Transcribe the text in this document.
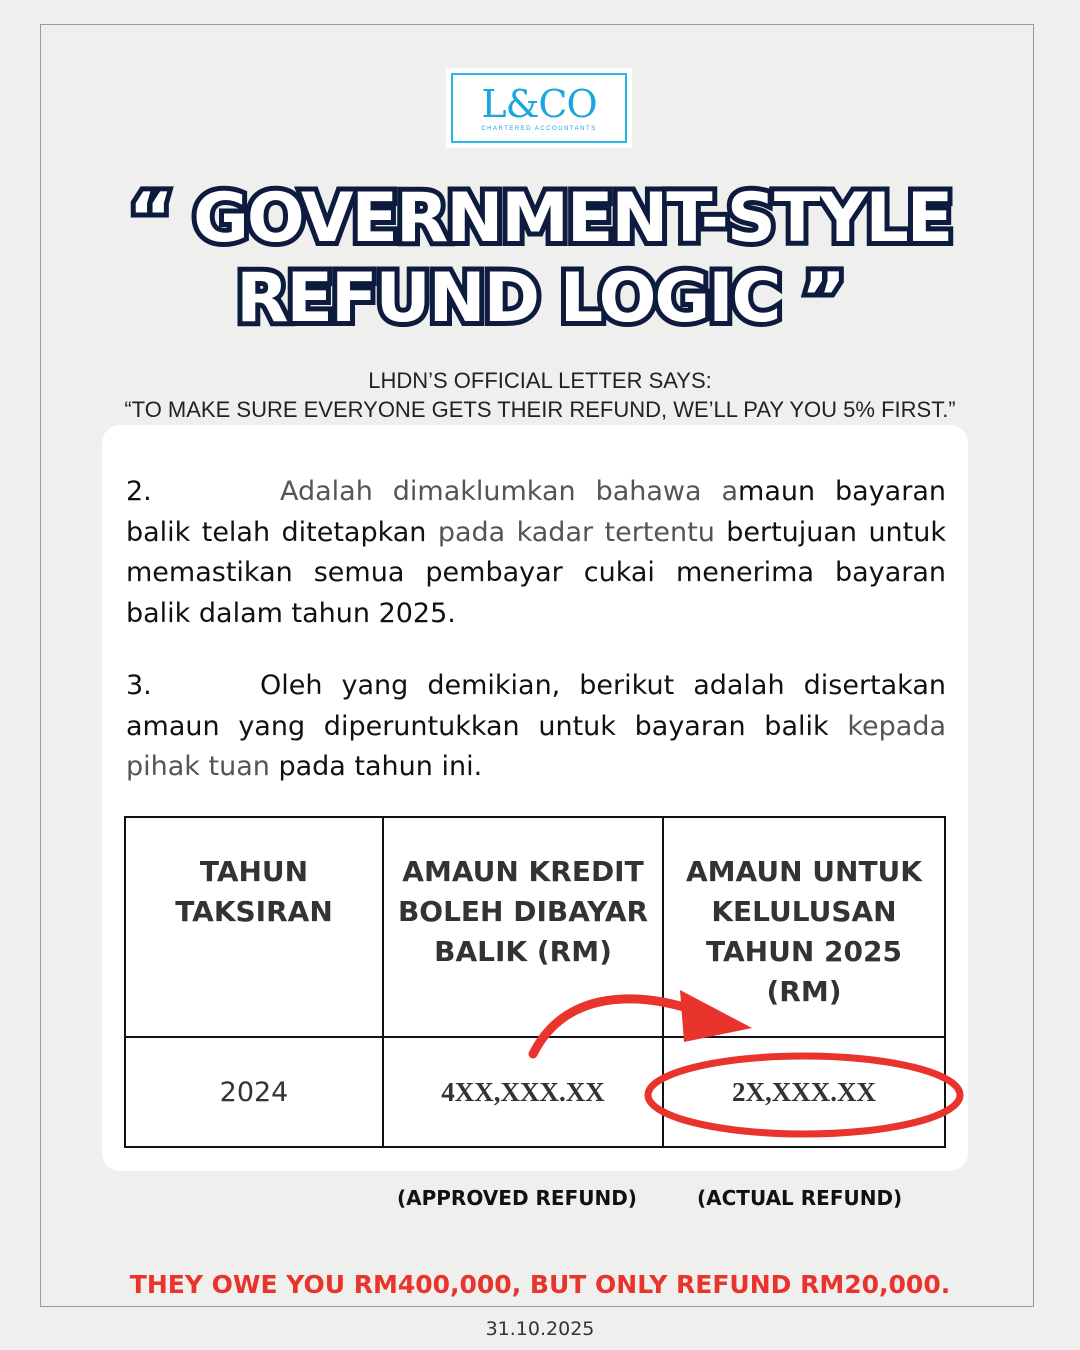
L&CO
CHARTERED ACCOUNTANTS
“ GOVERNMENT-STYLE
REFUND LOGIC ”
LHDN’S OFFICIAL LETTER SAYS:
“TO MAKE SURE EVERYONE GETS THEIR REFUND, WE’LL PAY YOU 5% FIRST.”
2.	Adalah dimaklumkan bahawa amaun bayaran balik telah ditetapkan pada kadar tertentu bertujuan untuk memastikan semua pembayar cukai menerima bayaran balik dalam tahun 2025.
3.	Oleh yang demikian, berikut adalah disertakan amaun yang diperuntukkan untuk bayaran balik kepada pihak tuan pada tahun ini.
TAHUN TAKSIRAN	AMAUN KREDIT BOLEH DIBAYAR BALIK (RM)	AMAUN UNTUK KELULUSAN TAHUN 2025 (RM)
2024	4XX,XXX.XX	2X,XXX.XX
(APPROVED REFUND)	(ACTUAL REFUND)
THEY OWE YOU RM400,000, BUT ONLY REFUND RM20,000.
31.10.2025
